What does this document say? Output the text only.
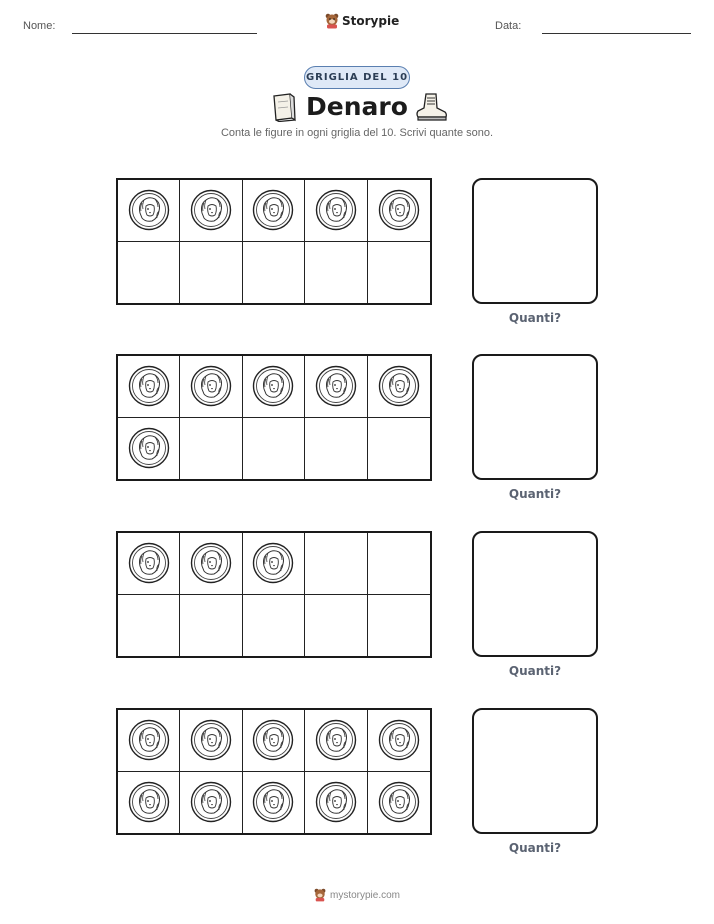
Nome:	Storypie	Data:
GRIGLIA DEL 10
Denaro
Conta le figure in ogni griglia del 10. Scrivi quante sono.
Quanti?
Quanti?
Quanti?
Quanti?
mystorypie.com
